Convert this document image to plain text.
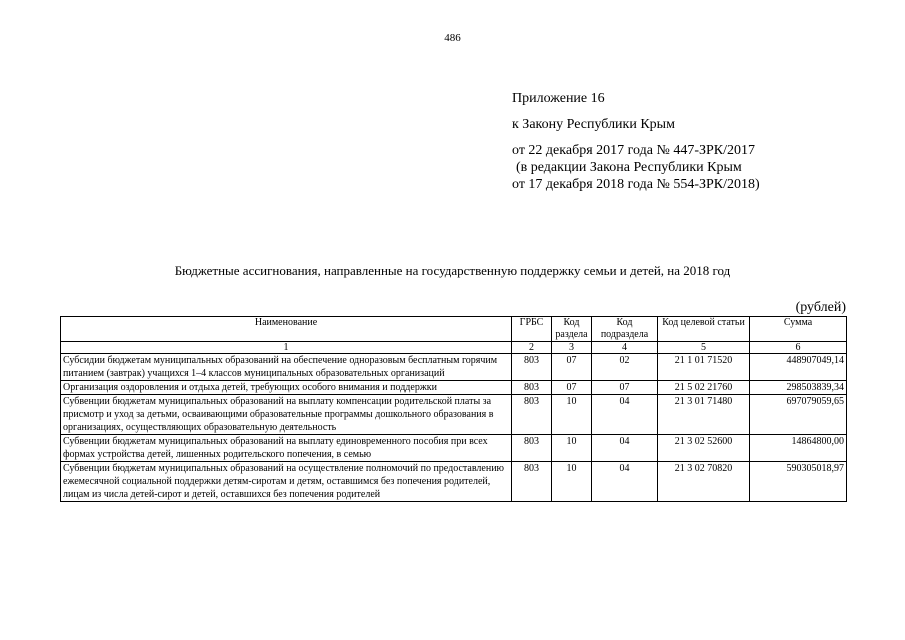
486
Приложение 16
к Закону Республики Крым
от 22 декабря 2017 года № 447-ЗРК/2017
(в редакции Закона Республики Крым
от 17 декабря 2018 года № 554-ЗРК/2018)
Бюджетные ассигнования, направленные на государственную поддержку семьи и детей, на 2018 год
(рублей)
Наименование	ГРБС	Код раздела	Код подраздела	Код целевой статьи	Сумма
1	2	3	4	5	6
Субсидии бюджетам муниципальных образований на обеспечение одноразовым бесплатным горячим питанием (завтрак) учащихся 1–4 классов муниципальных образовательных организаций	803	07	02	21 1 01 71520	448907049,14
Организация оздоровления и отдыха детей, требующих особого внимания и поддержки	803	07	07	21 5 02 21760	298503839,34
Субвенции бюджетам муниципальных образований на выплату компенсации родительской платы за присмотр и уход за детьми, осваивающими образовательные программы дошкольного образования в организациях, осуществляющих образовательную деятельность	803	10	04	21 3 01 71480	697079059,65
Субвенции бюджетам муниципальных образований на выплату единовременного пособия при всех формах устройства детей, лишенных родительского попечения, в семью	803	10	04	21 3 02 52600	14864800,00
Субвенции бюджетам муниципальных образований на осуществление полномочий по предоставлению ежемесячной социальной поддержки детям-сиротам и детям, оставшимся без попечения родителей, лицам из числа детей-сирот и детей, оставшихся без попечения родителей	803	10	04	21 3 02 70820	590305018,97
